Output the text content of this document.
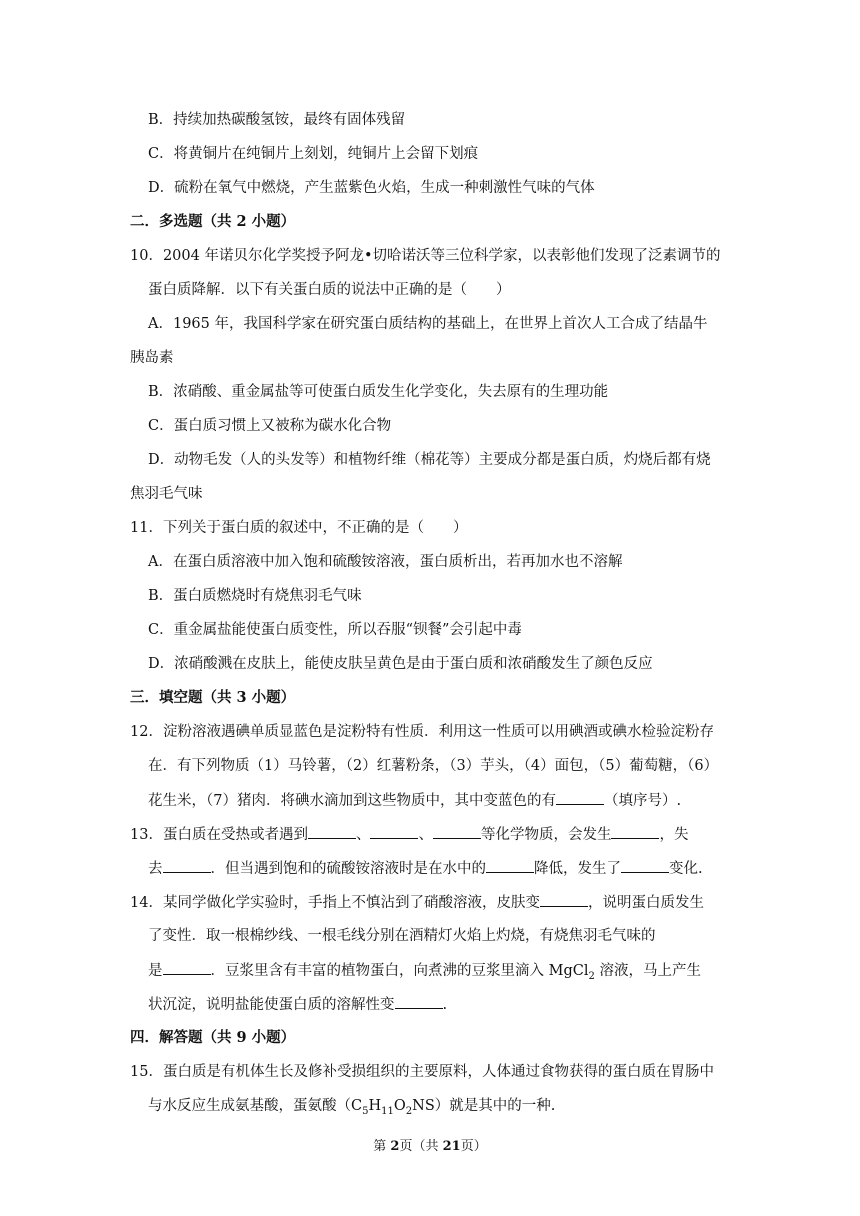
B．持续加热碳酸氢铵，最终有固体残留
C．将黄铜片在纯铜片上刻划，纯铜片上会留下划痕
D．硫粉在氧气中燃烧，产生蓝紫色火焰，生成一种刺激性气味的气体
二．多选题（共 2 小题）
10．2004 年诺贝尔化学奖授予阿龙•切哈诺沃等三位科学家，以表彰他们发现了泛素调节的
蛋白质降解．以下有关蛋白质的说法中正确的是（　　）
A．1965 年，我国科学家在研究蛋白质结构的基础上，在世界上首次人工合成了结晶牛
胰岛素
B．浓硝酸、重金属盐等可使蛋白质发生化学变化，失去原有的生理功能
C．蛋白质习惯上又被称为碳水化合物
D．动物毛发（人的头发等）和植物纤维（棉花等）主要成分都是蛋白质，灼烧后都有烧
焦羽毛气味
11．下列关于蛋白质的叙述中，不正确的是（　　）
A．在蛋白质溶液中加入饱和硫酸铵溶液，蛋白质析出，若再加水也不溶解
B．蛋白质燃烧时有烧焦羽毛气味
C．重金属盐能使蛋白质变性，所以吞服“钡餐”会引起中毒
D．浓硝酸溅在皮肤上，能使皮肤呈黄色是由于蛋白质和浓硝酸发生了颜色反应
三．填空题（共 3 小题）
12．淀粉溶液遇碘单质显蓝色是淀粉特有性质．利用这一性质可以用碘酒或碘水检验淀粉存
在．有下列物质（1）马铃薯，（2）红薯粉条，（3）芋头，（4）面包，（5）葡萄糖，（6）
花生米，（7）猪肉．将碘水滴加到这些物质中，其中变蓝色的有	（填序号）.
13．蛋白质在受热或者遇到	、	、	等化学物质，会发生	，失
去	．但当遇到饱和的硫酸铵溶液时是在水中的	降低，发生了	变化.
14．某同学做化学实验时，手指上不慎沾到了硝酸溶液，皮肤变	，说明蛋白质发生
了变性．取一根棉纱线、一根毛线分别在酒精灯火焰上灼烧，有烧焦羽毛气味的
是	．豆浆里含有丰富的植物蛋白，向煮沸的豆浆里滴入 MgCl$_2$ 溶液，马上产生
状沉淀，说明盐能使蛋白质的溶解性变	.
四．解答题（共 9 小题）
15．蛋白质是有机体生长及修补受损组织的主要原料，人体通过食物获得的蛋白质在胃肠中
与水反应生成氨基酸，蛋氨酸$(C_5H_{11}O_2NS)$就是其中的一种.
第 2页（共 21页）
